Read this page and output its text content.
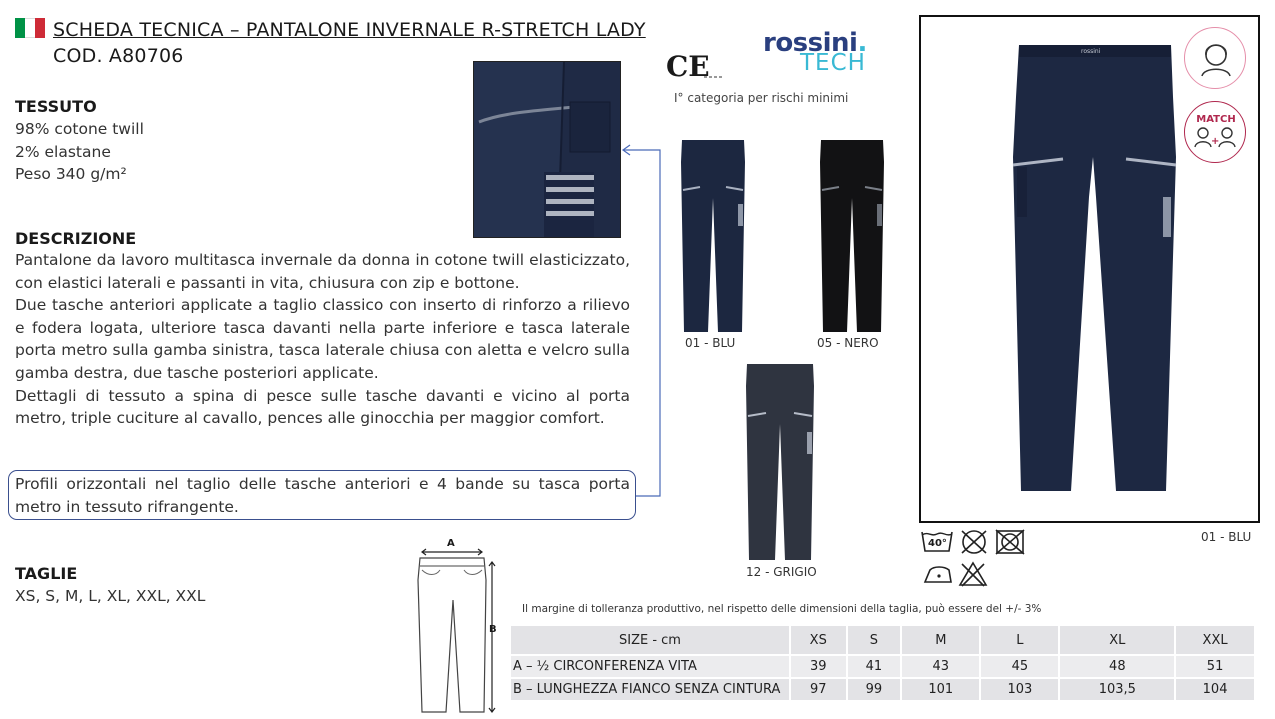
SCHEDA TECNICA – PANTALONE INVERNALE R-STRETCH LADY
COD. A80706
TESSUTO
98% cotone twill
2% elastane
Peso 340 g/m²
DESCRIZIONE

Pantalone da lavoro multitasca invernale da donna in cotone twill elasticizzato, con elastici laterali e passanti in vita, chiusura con zip e bottone.

Due tasche anteriori applicate a taglio classico con inserto di rinforzo a rilievo e fodera logata, ulteriore tasca davanti nella parte inferiore e tasca laterale porta metro sulla gamba sinistra, tasca laterale chiusa con aletta e velcro sulla gamba destra, due tasche posteriori applicate.

Dettagli di tessuto a spina di pesce sulle tasche davanti e vicino al porta metro, triple cuciture al cavallo, pences alle ginocchia per maggior comfort.

Profili orizzontali nel taglio delle tasche anteriori e 4 bande su tasca porta metro in tessuto rifrangente.
TAGLIE
XS, S, M, L, XL, XXL, XXL
CE
I° categoria per rischi minimi
rossini.
TECH
01 - BLU	05 - NERO
12 - GRIGIO
rossini
MATCH
+
40°	01 - BLU
A
B
Il margine di tolleranza produttivo, nel rispetto delle dimensioni della taglia, può essere del +/- 3%
SIZE - cm	XS	S	M	L	XL	XXL
A – ½ CIRCONFERENZA VITA	39	41	43	45	48	51
B – LUNGHEZZA FIANCO SENZA CINTURA	97	99	101	103	103,5	104
